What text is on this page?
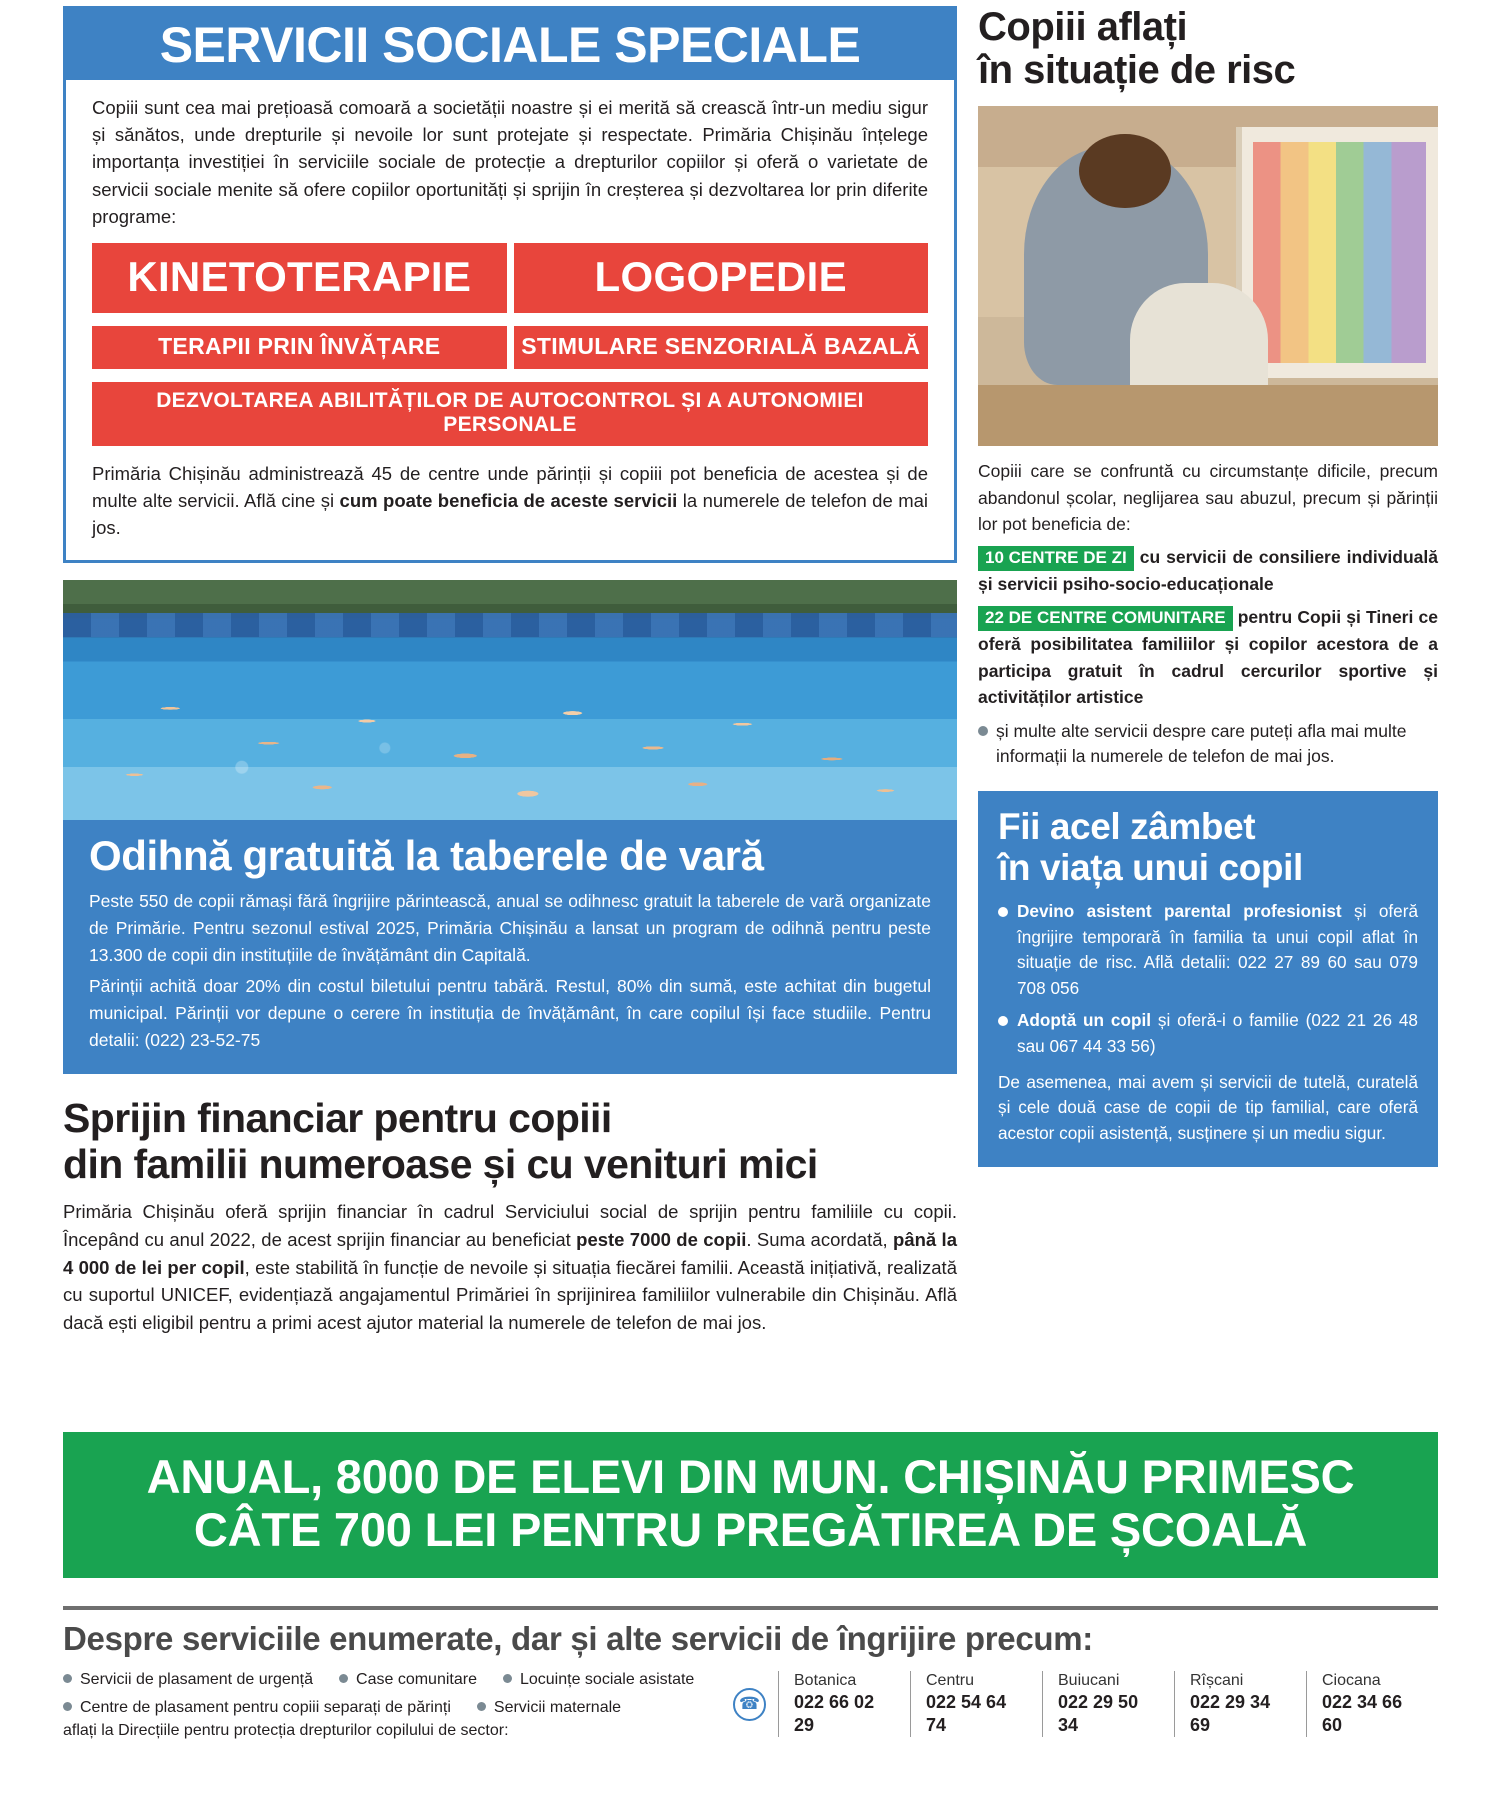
SERVICII SOCIALE SPECIALE
Copiii sunt cea mai prețioasă comoară a societății noastre și ei merită să crească într-un mediu sigur și sănătos, unde drepturile și nevoile lor sunt protejate și respectate. Primăria Chișinău înțelege importanța investiției în serviciile sociale de protecție a drepturilor copiilor și oferă o varietate de servicii sociale menite să ofere copiilor oportunități și sprijin în creșterea și dezvoltarea lor prin diferite programe:
KINETOTERAPIE	LOGOPEDIE
TERAPII PRIN ÎNVĂȚARE	STIMULARE SENZORIALĂ BAZALĂ
DEZVOLTAREA ABILITĂȚILOR DE AUTOCONTROL ȘI A AUTONOMIEI PERSONALE
Primăria Chișinău administrează 45 de centre unde părinții și copiii pot beneficia de acestea și de multe alte servicii. Află cine și cum poate beneficia de aceste servicii la numerele de telefon de mai jos.
Odihnă gratuită la taberele de vară

Peste 550 de copii rămași fără îngrijire părintească, anual se odihnesc gratuit la taberele de vară organizate de Primărie. Pentru sezonul estival 2025, Primăria Chișinău a lansat un program de odihnă pentru peste 13.300 de copii din instituțiile de învățământ din Capitală.

Părinții achită doar 20% din costul biletului pentru tabără. Restul, 80% din sumă, este achitat din bugetul municipal. Părinții vor depune o cerere în instituția de învățământ, în care copilul își face studiile. Pentru detalii: (022) 23-52-75

Sprijin financiar pentru copiii
din familii numeroase și cu venituri mici
Primăria Chișinău oferă sprijin financiar în cadrul Serviciului social de sprijin pentru familiile cu copii. Începând cu anul 2022, de acest sprijin financiar au beneficiat peste 7000 de copii. Suma acordată, până la 4 000 de lei per copil, este stabilită în funcție de nevoile și situația fiecărei familii. Această inițiativă, realizată cu suportul UNICEF, evidențiază angajamentul Primăriei în sprijinirea familiilor vulnerabile din Chișinău. Află dacă ești eligibil pentru a primi acest ajutor material la numerele de telefon de mai jos.
Copiii aflați
în situație de risc
Copiii care se confruntă cu circumstanțe dificile, precum abandonul școlar, neglijarea sau abuzul, precum și părinții lor pot beneficia de:
10 CENTRE DE ZI cu servicii de consiliere individuală și servicii psiho-socio-educaționale
22 DE CENTRE COMUNITARE pentru Copii și Tineri ce oferă posibilitatea familiilor și copilor acestora de a participa gratuit în cadrul cercurilor sportive și activităților artistice
și multe alte servicii despre care puteți afla mai multe informații la numerele de telefon de mai jos.
Fii acel zâmbet
în viața unui copil

Devino asistent parental profesionist și oferă îngrijire temporară în familia ta unui copil aflat în situație de risc. Află detalii: 022 27 89 60 sau 079 708 056

Adoptă un copil și oferă-i o familie (022 21 26 48 sau 067 44 33 56)

De asemenea, mai avem și servicii de tutelă, curatelă și cele două case de copii de tip familial, care oferă acestor copii asistență, susținere și un mediu sigur.
ANUAL, 8000 DE ELEVI DIN MUN. CHIȘINĂU PRIMESC
CÂTE 700 LEI PENTRU PREGĂTIREA DE ȘCOALĂ
Despre serviciile enumerate, dar și alte servicii de îngrijire precum:
Servicii de plasament de urgență	Case comunitare	Locuințe sociale asistate
Centre de plasament pentru copiii separați de părinți	Servicii maternale
aflați la Direcțiile pentru protecția drepturilor copilului de sector:
☎
Botanica
022 66 02 29
Centru
022 54 64 74
Buiucani
022 29 50 34
Rîșcani
022 29 34 69
Ciocana
022 34 66 60
